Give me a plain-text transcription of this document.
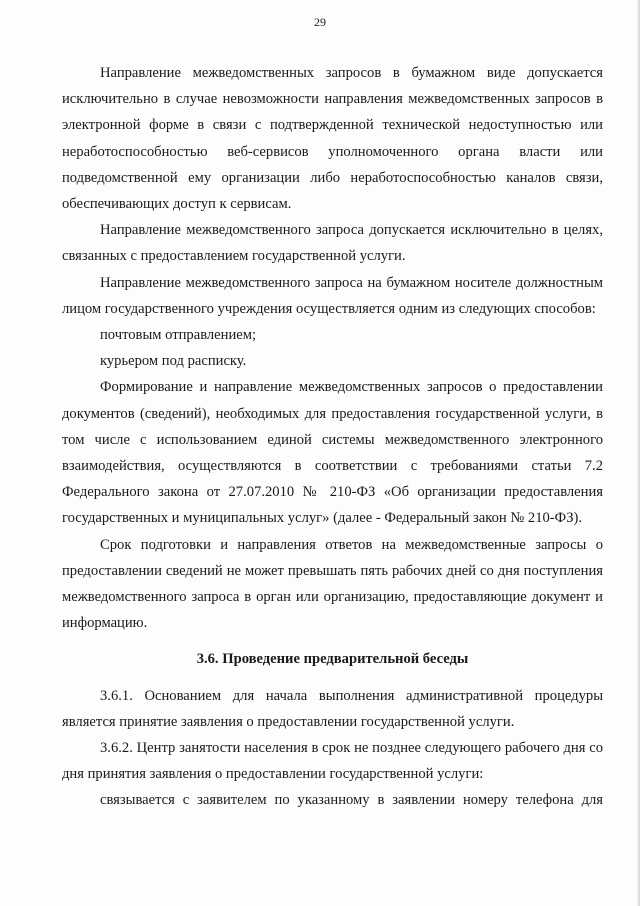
29

Направление межведомственных запросов в бумажном виде допускается исключительно в случае невозможности направления межведомственных запросов в электронной форме в связи с подтвержденной технической недоступностью или неработоспособностью веб-сервисов уполномоченного органа власти или подведомственной ему организации либо неработоспособностью каналов связи, обеспечивающих доступ к сервисам.

Направление межведомственного запроса допускается исключительно в целях, связанных с предоставлением государственной услуги.

Направление межведомственного запроса на бумажном носителе должностным лицом государственного учреждения осуществляется одним из следующих способов:

почтовым отправлением;

курьером под расписку.

Формирование и направление межведомственных запросов о предоставлении документов (сведений), необходимых для предоставления государственной услуги, в том числе с использованием единой системы межведомственного электронного взаимодействия, осуществляются в соответствии с требованиями статьи 7.2 Федерального закона от 27.07.2010 № 210-ФЗ «Об организации предоставления государственных и муниципальных услуг» (далее - Федеральный закон № 210-ФЗ).

Срок подготовки и направления ответов на межведомственные запросы о предоставлении сведений не может превышать пять рабочих дней со дня поступления межведомственного запроса в орган или организацию, предоставляющие документ и информацию.

3.6. Проведение предварительной беседы

3.6.1. Основанием для начала выполнения административной процедуры является принятие заявления о предоставлении государственной услуги.

3.6.2. Центр занятости населения в срок не позднее следующего рабочего дня со дня принятия заявления о предоставлении государственной услуги:

связывается с заявителем по указанному в заявлении номеру телефона для
